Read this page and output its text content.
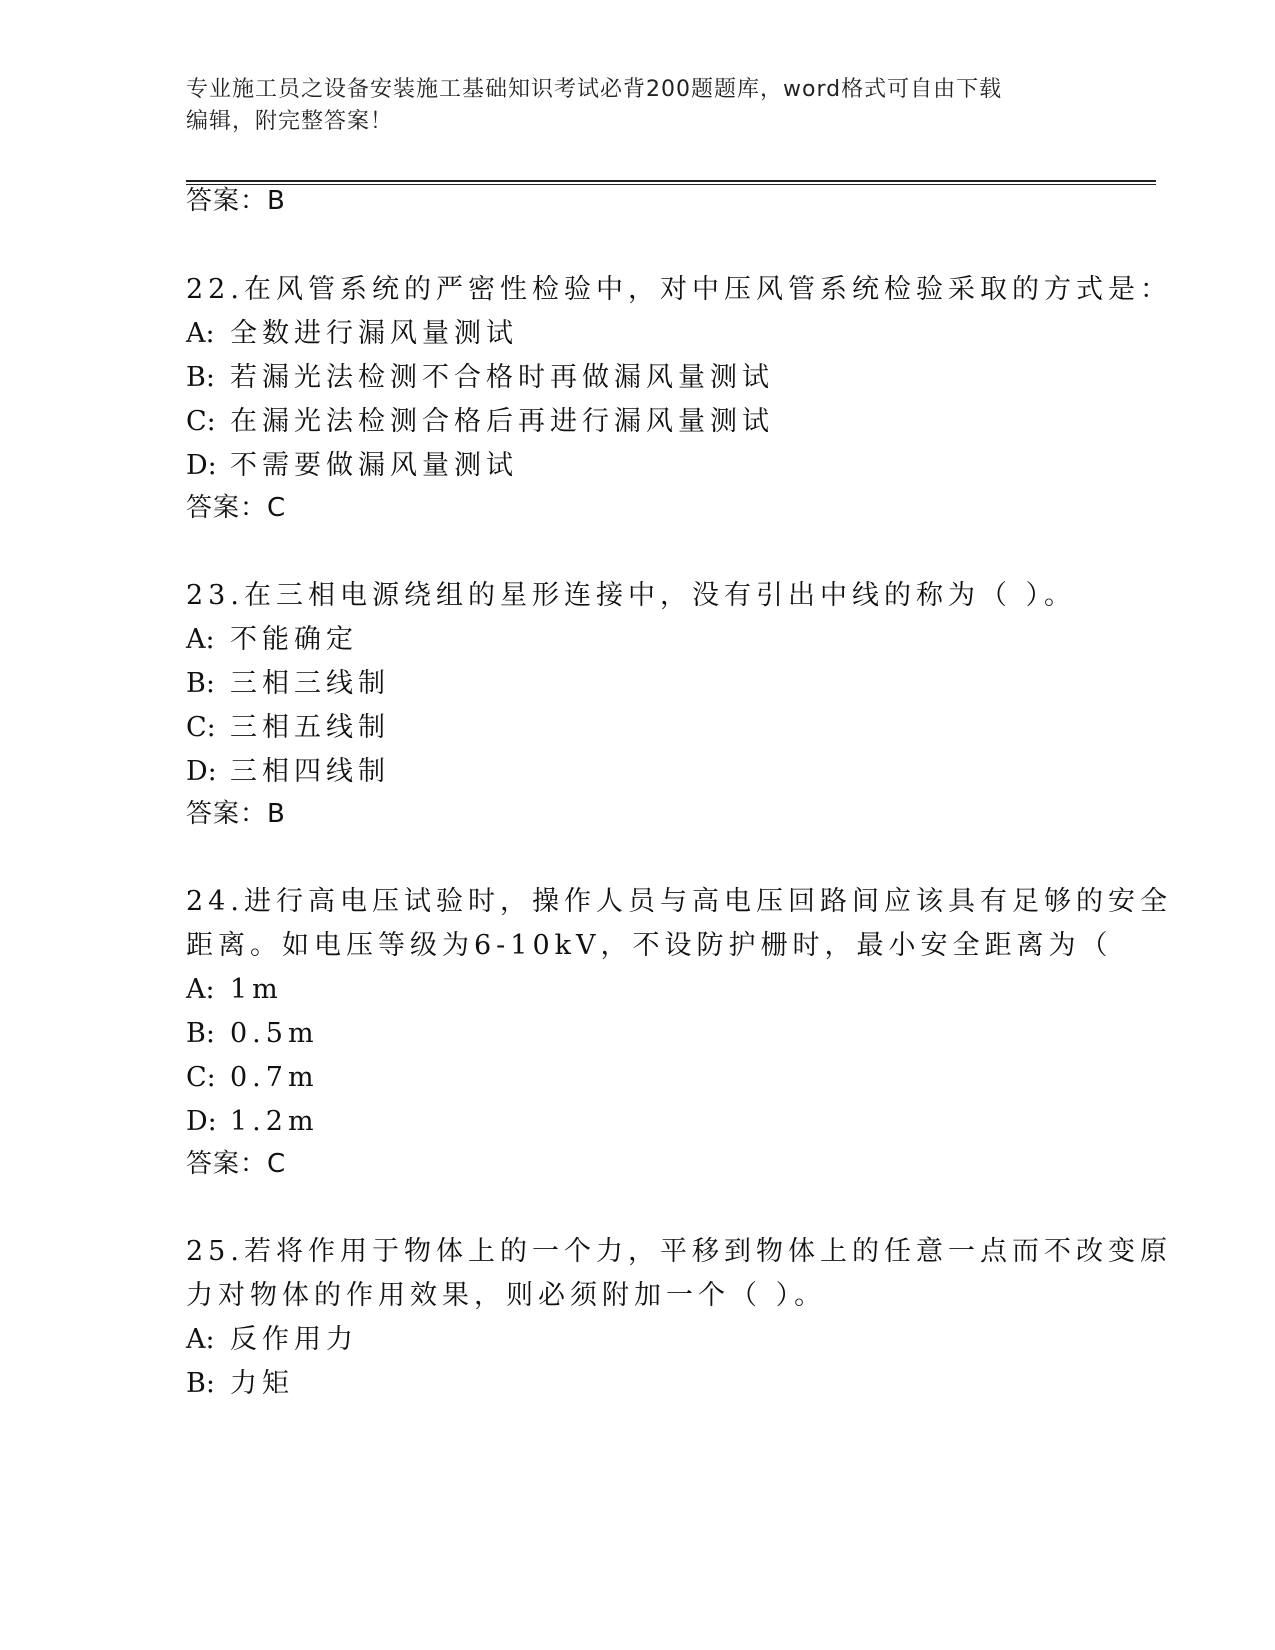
专业施工员之设备安装施工基础知识考试必背200题题库，word格式可自由下载
编辑，附完整答案！
答案：B
22.在风管系统的严密性检验中，对中压风管系统检验采取的方式是：
A: 全数进行漏风量测试
B: 若漏光法检测不合格时再做漏风量测试
C: 在漏光法检测合格后再进行漏风量测试
D: 不需要做漏风量测试
答案：C
23.在三相电源绕组的星形连接中，没有引出中线的称为（ ）。
A: 不能确定
B: 三相三线制
C: 三相五线制
D: 三相四线制
答案：B
24.进行高电压试验时，操作人员与高电压回路间应该具有足够的安全
距离。如电压等级为6-10kV，不设防护栅时，最小安全距离为（
A: 1m
B: 0.5m
C: 0.7m
D: 1.2m
答案：C
25.若将作用于物体上的一个力，平移到物体上的任意一点而不改变原
力对物体的作用效果，则必须附加一个（ ）。
A: 反作用力
B: 力矩
